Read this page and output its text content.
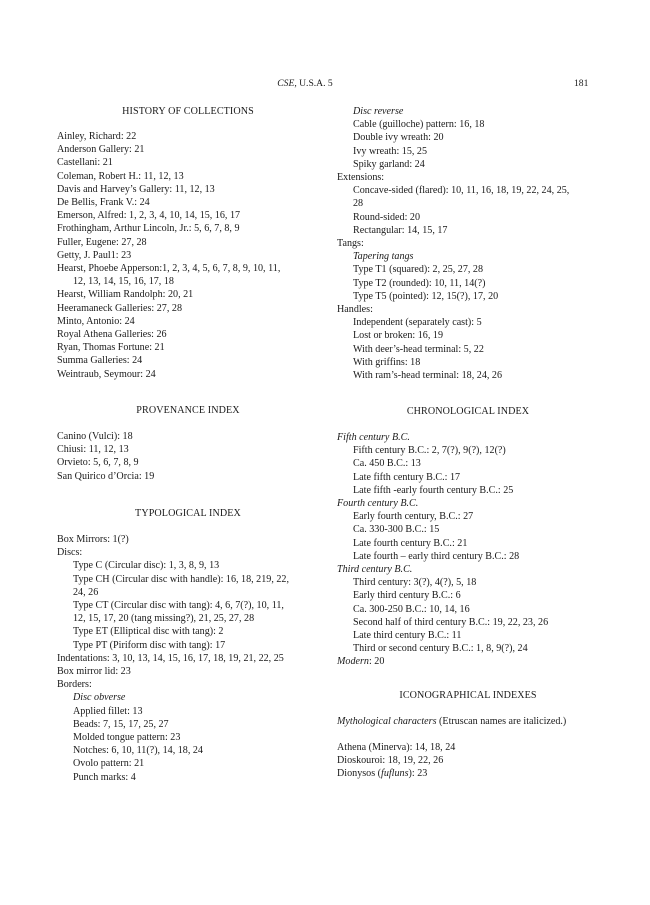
CSE, U.S.A. 5	181

HISTORY OF COLLECTIONS

Ainley, Richard: 22
Anderson Gallery: 21
Castellani: 21
Coleman, Robert H.: 11, 12, 13
Davis and Harvey’s Gallery: 11, 12, 13
De Bellis, Frank V.: 24
Emerson, Alfred: 1, 2, 3, 4, 10, 14, 15, 16, 17
Frothingham, Arthur Lincoln, Jr.: 5, 6, 7, 8, 9
Fuller, Eugene: 27, 28
Getty, J. Paul1: 23
Hearst, Phoebe Apperson:1, 2, 3, 4, 5, 6, 7, 8, 9, 10, 11,
12, 13, 14, 15, 16, 17, 18
Hearst, William Randolph: 20, 21
Heeramaneck Galleries: 27, 28
Minto, Antonio: 24
Royal Athena Galleries: 26
Ryan, Thomas Fortune: 21
Summa Galleries: 24
Weintraub, Seymour: 24

PROVENANCE INDEX

Canino (Vulci): 18
Chiusi: 11, 12, 13
Orvieto: 5, 6, 7, 8, 9
San Quirico d’Orcia: 19

TYPOLOGICAL INDEX

Box Mirrors: 1(?)
Discs:
Type C (Circular disc): 1, 3, 8, 9, 13
Type CH (Circular disc with handle): 16, 18, 219, 22,
24, 26
Type CT (Circular disc with tang): 4, 6, 7(?), 10, 11,
12, 15, 17, 20 (tang missing?), 21, 25, 27, 28
Type ET (Elliptical disc with tang): 2
Type PT (Piriform disc with tang): 17
Indentations: 3, 10, 13, 14, 15, 16, 17, 18, 19, 21, 22, 25
Box mirror lid: 23
Borders:
Disc obverse
Applied fillet: 13
Beads: 7, 15, 17, 25, 27
Molded tongue pattern: 23
Notches: 6, 10, 11(?), 14, 18, 24
Ovolo pattern: 21
Punch marks: 4
Disc reverse
Cable (guilloche) pattern: 16, 18
Double ivy wreath: 20
Ivy wreath: 15, 25
Spiky garland: 24
Extensions:
Concave-sided (flared): 10, 11, 16, 18, 19, 22, 24, 25,
28
Round-sided: 20
Rectangular: 14, 15, 17
Tangs:
Tapering tangs
Type T1 (squared): 2, 25, 27, 28
Type T2 (rounded): 10, 11, 14(?)
Type T5 (pointed): 12, 15(?), 17, 20
Handles:
Independent (separately cast): 5
Lost or broken: 16, 19
With deer’s-head terminal: 5, 22
With griffins: 18
With ram’s-head terminal: 18, 24, 26

CHRONOLOGICAL INDEX

Fifth century B.C.
Fifth century B.C.: 2, 7(?), 9(?), 12(?)
Ca. 450 B.C.: 13
Late fifth century B.C.: 17
Late fifth -early fourth century B.C.: 25
Fourth century B.C.
Early fourth century, B.C.: 27
Ca. 330-300 B.C.: 15
Late fourth century B.C.: 21
Late fourth – early third century B.C.: 28
Third century B.C.
Third century: 3(?), 4(?), 5, 18
Early third century B.C.: 6
Ca. 300-250 B.C.: 10, 14, 16
Second half of third century B.C.: 19, 22, 23, 26
Late third century B.C.: 11
Third or second century B.C.: 1, 8, 9(?), 24
Modern: 20

ICONOGRAPHICAL INDEXES

Mythological characters (Etruscan names are italicized.)
Athena (Minerva): 14, 18, 24
Dioskouroi: 18, 19, 22, 26
Dionysos (fufluns): 23
